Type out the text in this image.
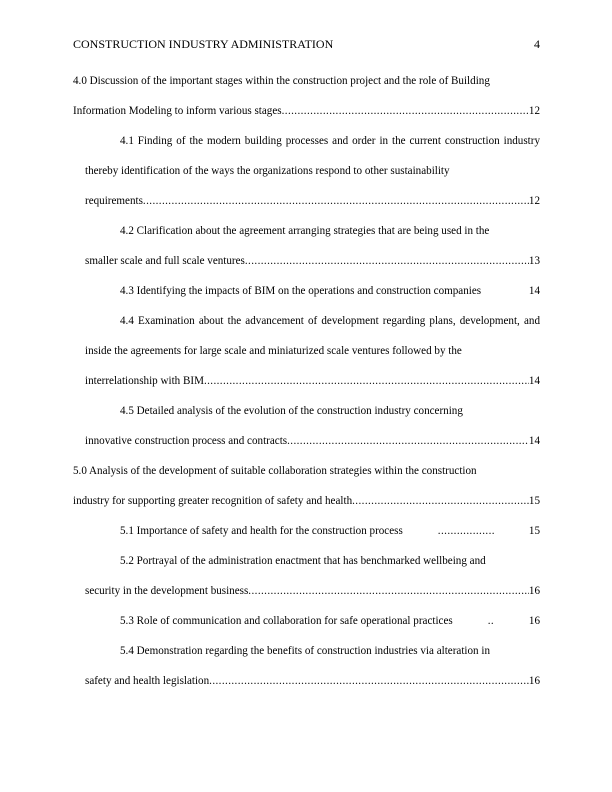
CONSTRUCTION INDUSTRY ADMINISTRATION	4
4.0 Discussion of the important stages within the construction project and the role of Building
Information Modeling to inform various stages .....	12
4.1 Finding of the modern building processes and order in the current construction industry thereby identification of the ways the organizations respond to other sustainability
requirements .....	12
4.2 Clarification about the agreement arranging strategies that are being used in the
smaller scale and full scale ventures .....	13
4.3 Identifying the impacts of BIM on the operations and construction companies .....	14
4.4 Examination about the advancement of development regarding plans, development, and inside the agreements for large scale and miniaturized scale ventures followed by the
interrelationship with BIM .....	14
4.5 Detailed analysis of the evolution of the construction industry concerning
innovative construction process and contracts .....	14
5.0 Analysis of the development of suitable collaboration strategies within the construction
industry for supporting greater recognition of safety and health .....	15
5.1 Importance of safety and health for the construction process .....	15
5.2 Portrayal of the administration enactment that has benchmarked wellbeing and
security in the development business .....	16
5.3 Role of communication and collaboration for safe operational practices .....	16
5.4 Demonstration regarding the benefits of construction industries via alteration in
safety and health legislation .....	16
